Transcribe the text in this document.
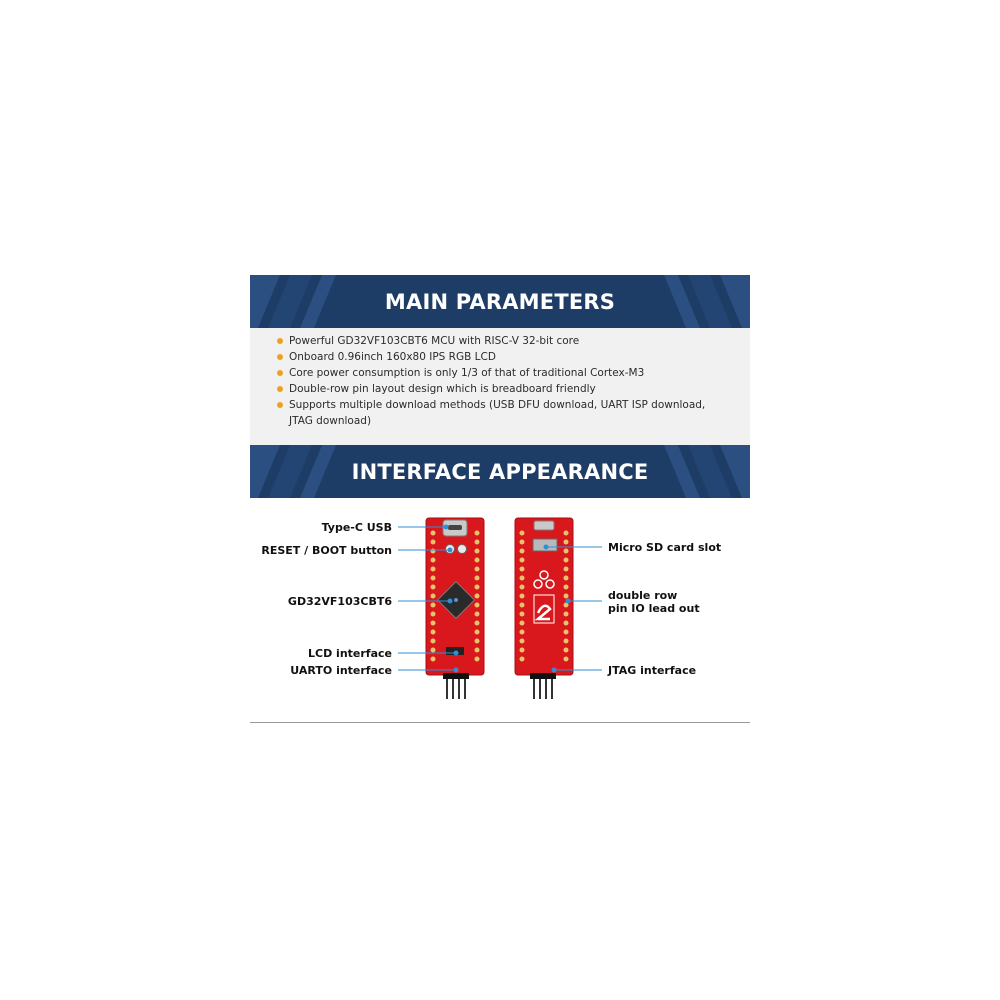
MAIN PARAMETERS
Powerful GD32VF103CBT6 MCU with RISC-V 32-bit core
Onboard 0.96inch 160x80 IPS RGB LCD
Core power consumption is only 1/3 of that of traditional Cortex-M3
Double-row pin layout design which is breadboard friendly
Supports multiple download methods (USB DFU download, UART ISP download,
JTAG download)
INTERFACE APPEARANCE
Type-C USB
RESET / BOOT button
GD32VF103CBT6
LCD interface
UARTO interface
Micro SD card slot
double row
pin IO lead out
JTAG interface
